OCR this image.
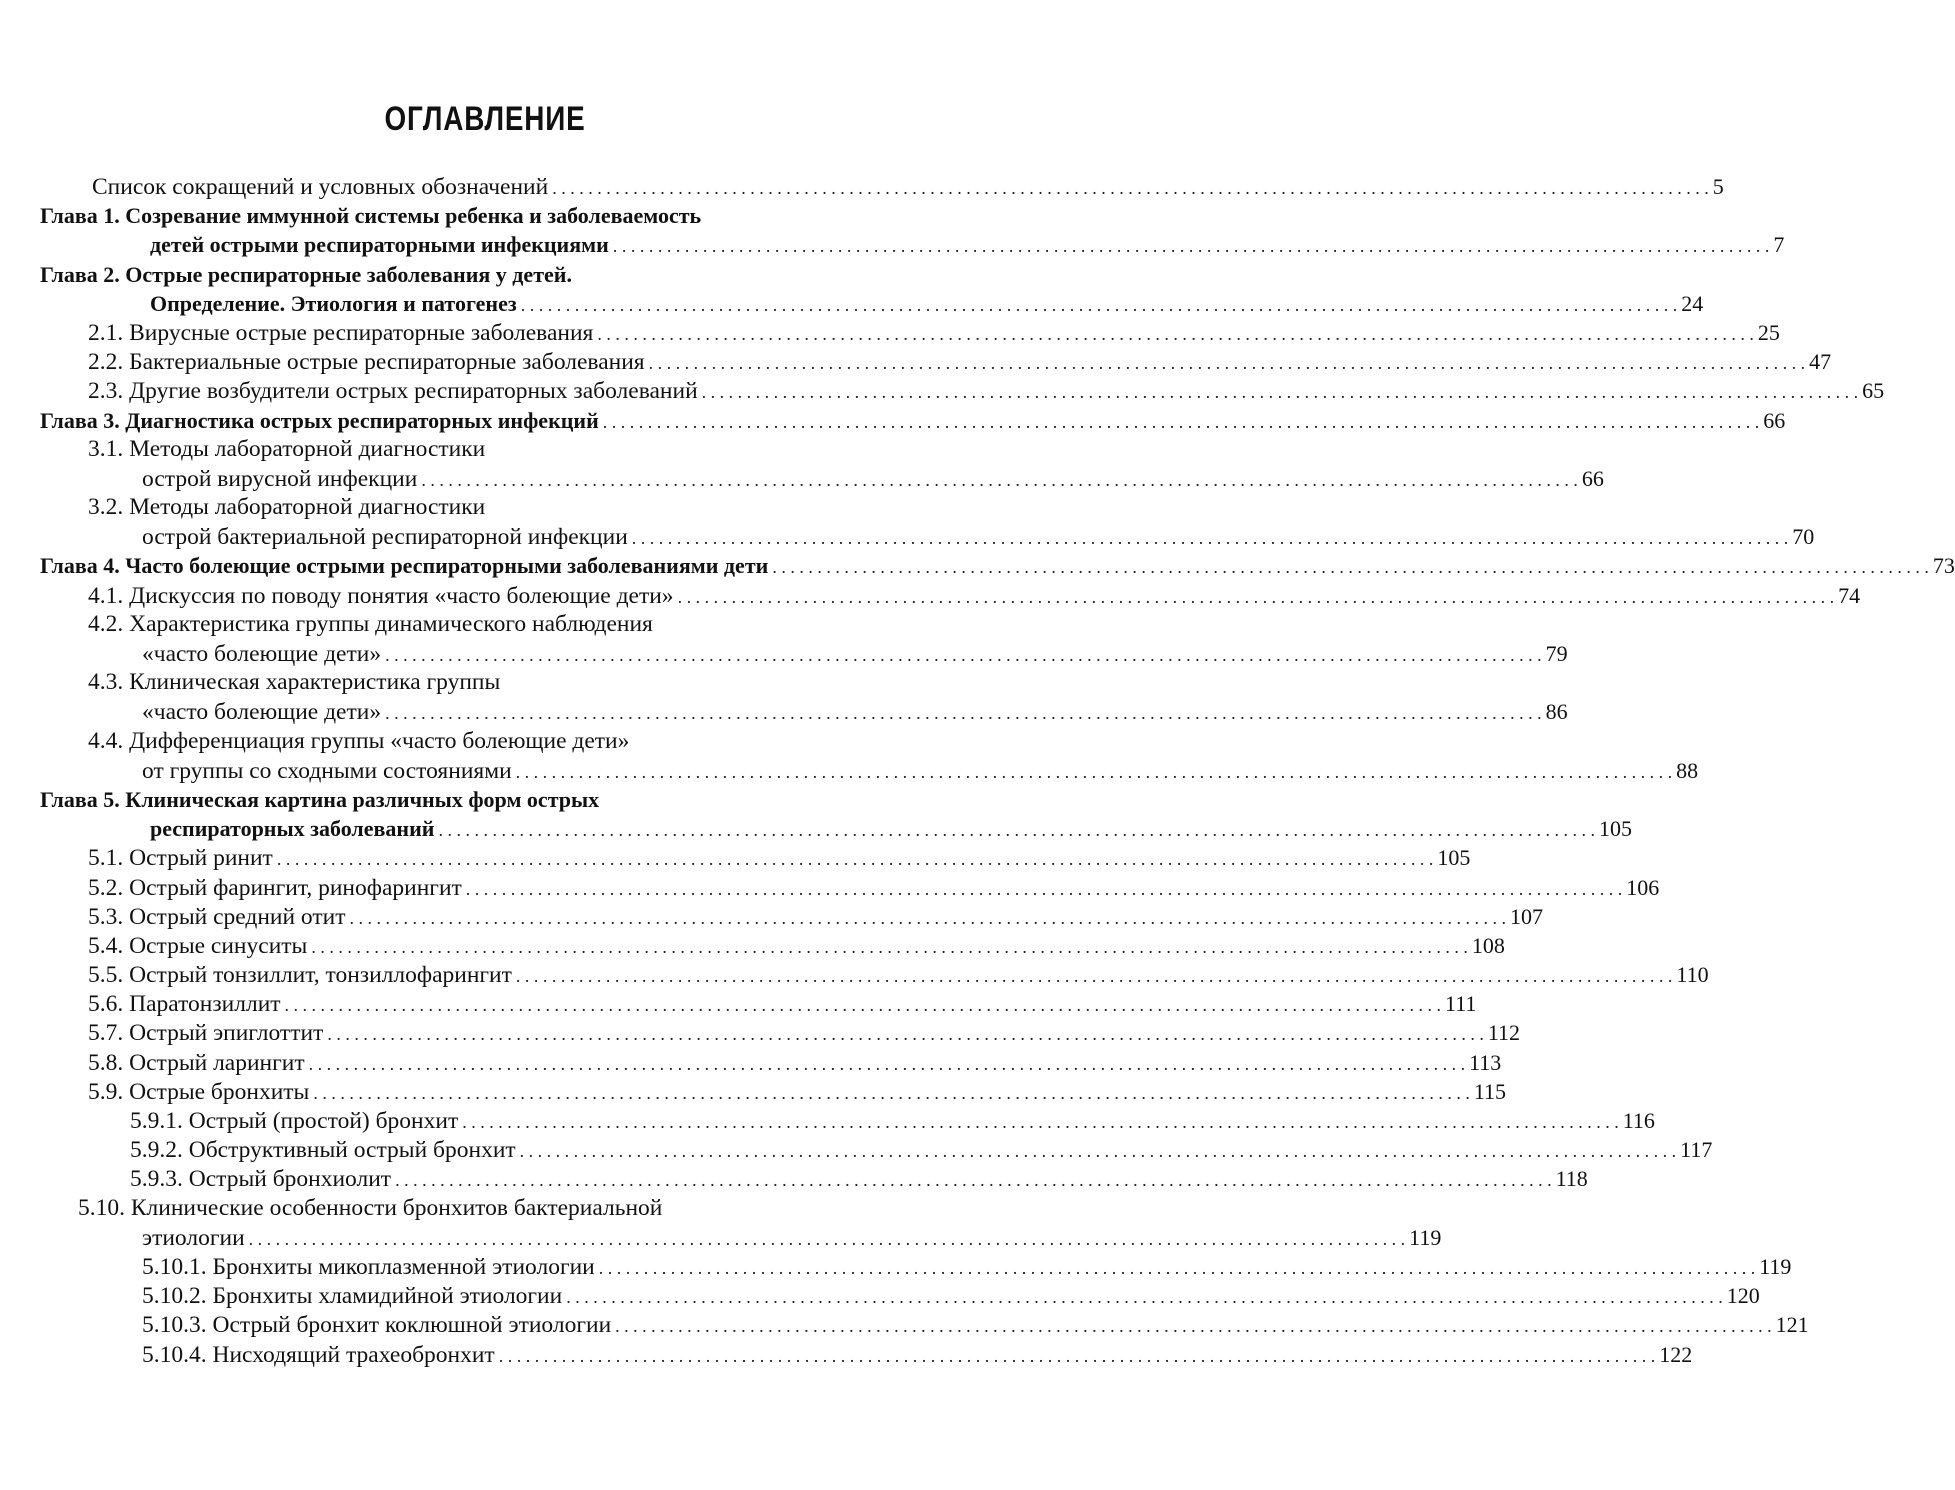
ОГЛАВЛЕНИЕ
Список сокращений и условных обозначений . . .	5
Глава 1. Созревание иммунной системы ребенка и заболеваемость
детей острыми респираторными инфекциями . . .	7
Глава 2. Острые респираторные заболевания у детей.
Определение. Этиология и патогенез . . .	24
2.1. Вирусные острые респираторные заболевания . . .	25
2.2. Бактериальные острые респираторные заболевания . . .	47
2.3. Другие возбудители острых респираторных заболеваний . . .	65
Глава 3. Диагностика острых респираторных инфекций . . .	66
3.1. Методы лабораторной диагностики
острой вирусной инфекции . . .	66
3.2. Методы лабораторной диагностики
острой бактериальной респираторной инфекции . . .	70
Глава 4. Часто болеющие острыми респираторными заболеваниями дети . . .	73
4.1. Дискуссия по поводу понятия «часто болеющие дети» . . .	74
4.2. Характеристика группы динамического наблюдения
«часто болеющие дети» . . .	79
4.3. Клиническая характеристика группы
«часто болеющие дети» . . .	86
4.4. Дифференциация группы «часто болеющие дети»
от группы со сходными состояниями . . .	88
Глава 5. Клиническая картина различных форм острых
респираторных заболеваний . . .	105
5.1. Острый ринит . . .	105
5.2. Острый фарингит, ринофарингит . . .	106
5.3. Острый средний отит . . .	107
5.4. Острые синуситы . . .	108
5.5. Острый тонзиллит, тонзиллофарингит . . .	110
5.6. Паратонзиллит . . .	111
5.7. Острый эпиглоттит . . .	112
5.8. Острый ларингит . . .	113
5.9. Острые бронхиты . . .	115
5.9.1. Острый (простой) бронхит . . .	116
5.9.2. Обструктивный острый бронхит . . .	117
5.9.3. Острый бронхиолит . . .	118
5.10. Клинические особенности бронхитов бактериальной
этиологии . . .	119
5.10.1. Бронхиты микоплазменной этиологии . . .	119
5.10.2. Бронхиты хламидийной этиологии . . .	120
5.10.3. Острый бронхит коклюшной этиологии . . .	121
5.10.4. Нисходящий трахеобронхит . . .	122
